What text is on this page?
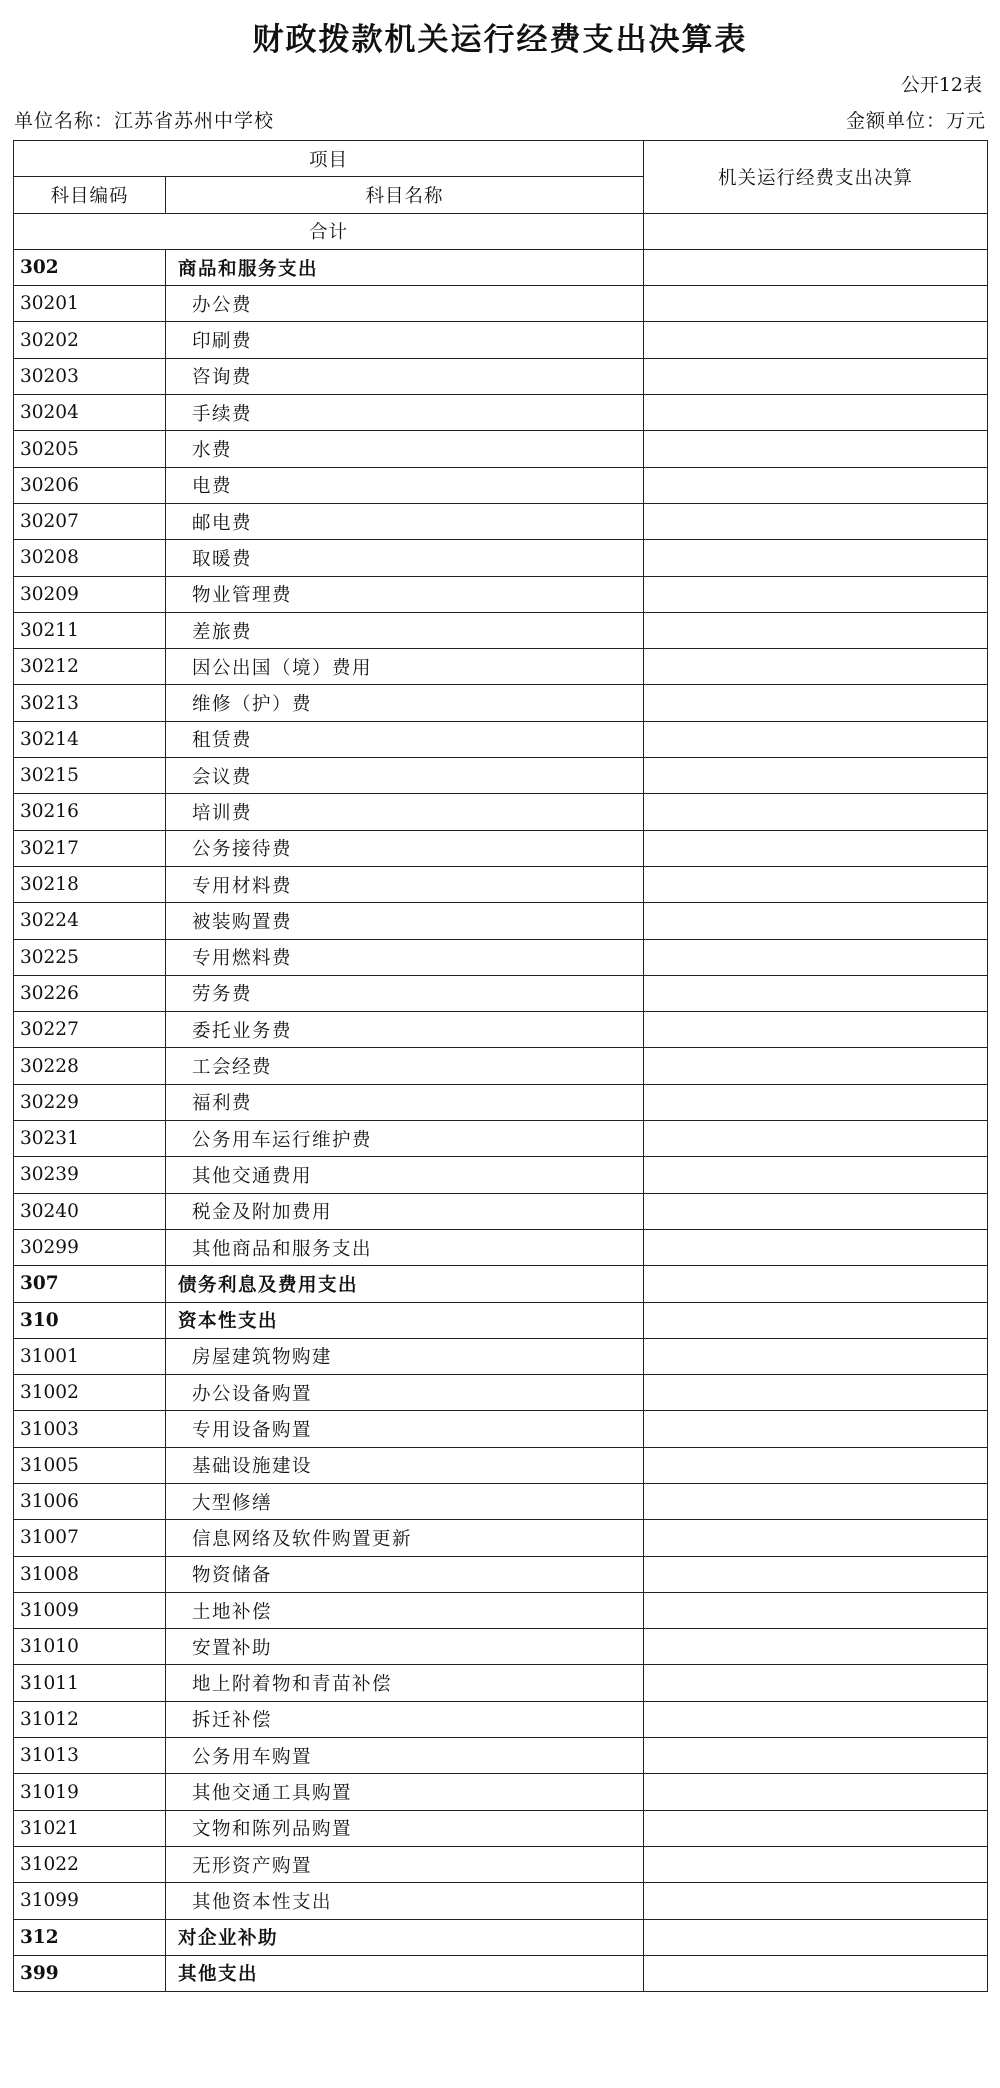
财政拨款机关运行经费支出决算表
公开12表
单位名称：江苏省苏州中学校	金额单位：万元
项目		机关运行经费支出决算
科目编码	科目名称	
合计		
302	商品和服务支出	
30201	办公费	
30202	印刷费	
30203	咨询费	
30204	手续费	
30205	水费	
30206	电费	
30207	邮电费	
30208	取暖费	
30209	物业管理费	
30211	差旅费	
30212	因公出国（境）费用	
30213	维修（护）费	
30214	租赁费	
30215	会议费	
30216	培训费	
30217	公务接待费	
30218	专用材料费	
30224	被装购置费	
30225	专用燃料费	
30226	劳务费	
30227	委托业务费	
30228	工会经费	
30229	福利费	
30231	公务用车运行维护费	
30239	其他交通费用	
30240	税金及附加费用	
30299	其他商品和服务支出	
307	债务利息及费用支出	
310	资本性支出	
31001	房屋建筑物购建	
31002	办公设备购置	
31003	专用设备购置	
31005	基础设施建设	
31006	大型修缮	
31007	信息网络及软件购置更新	
31008	物资储备	
31009	土地补偿	
31010	安置补助	
31011	地上附着物和青苗补偿	
31012	拆迁补偿	
31013	公务用车购置	
31019	其他交通工具购置	
31021	文物和陈列品购置	
31022	无形资产购置	
31099	其他资本性支出	
312	对企业补助	
399	其他支出	
